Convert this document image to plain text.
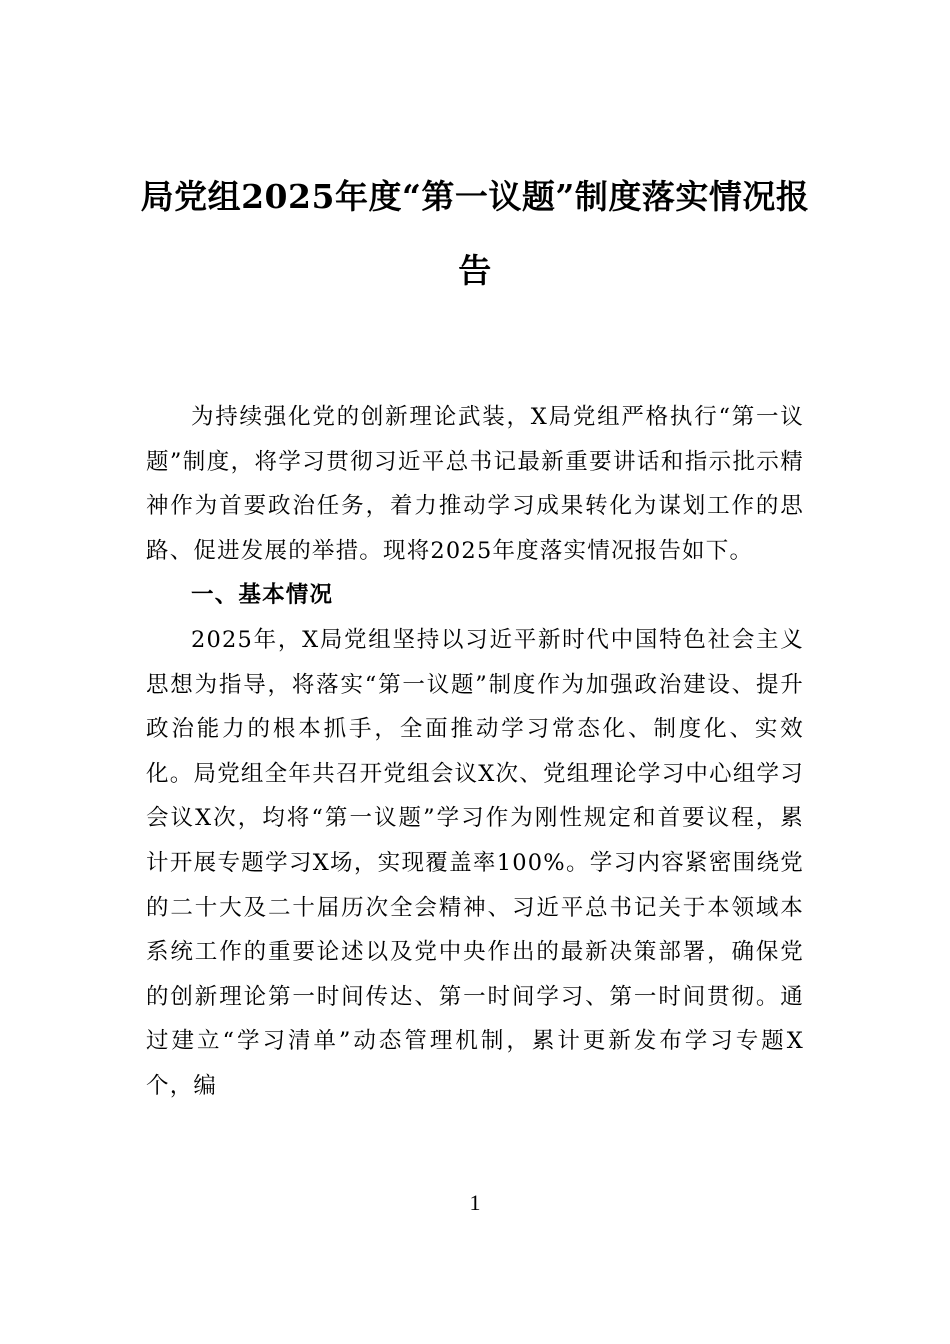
局党组2025年度“第一议题”制度落实情况报告

为持续强化党的创新理论武装，X局党组严格执行“第一议题”制度，将学习贯彻习近平总书记最新重要讲话和指示批示精神作为首要政治任务，着力推动学习成果转化为谋划工作的思路、促进发展的举措。现将2025年度落实情况报告如下。

一、基本情况

2025年，X局党组坚持以习近平新时代中国特色社会主义思想为指导，将落实“第一议题”制度作为加强政治建设、提升政治能力的根本抓手，全面推动学习常态化、制度化、实效化。局党组全年共召开党组会议X次、党组理论学习中心组学习会议X次，均将“第一议题”学习作为刚性规定和首要议程，累计开展专题学习X场，实现覆盖率100%。学习内容紧密围绕党的二十大及二十届历次全会精神、习近平总书记关于本领域本系统工作的重要论述以及党中央作出的最新决策部署，确保党的创新理论第一时间传达、第一时间学习、第一时间贯彻。通过建立“学习清单”动态管理机制，累计更新发布学习专题X个，编

1
